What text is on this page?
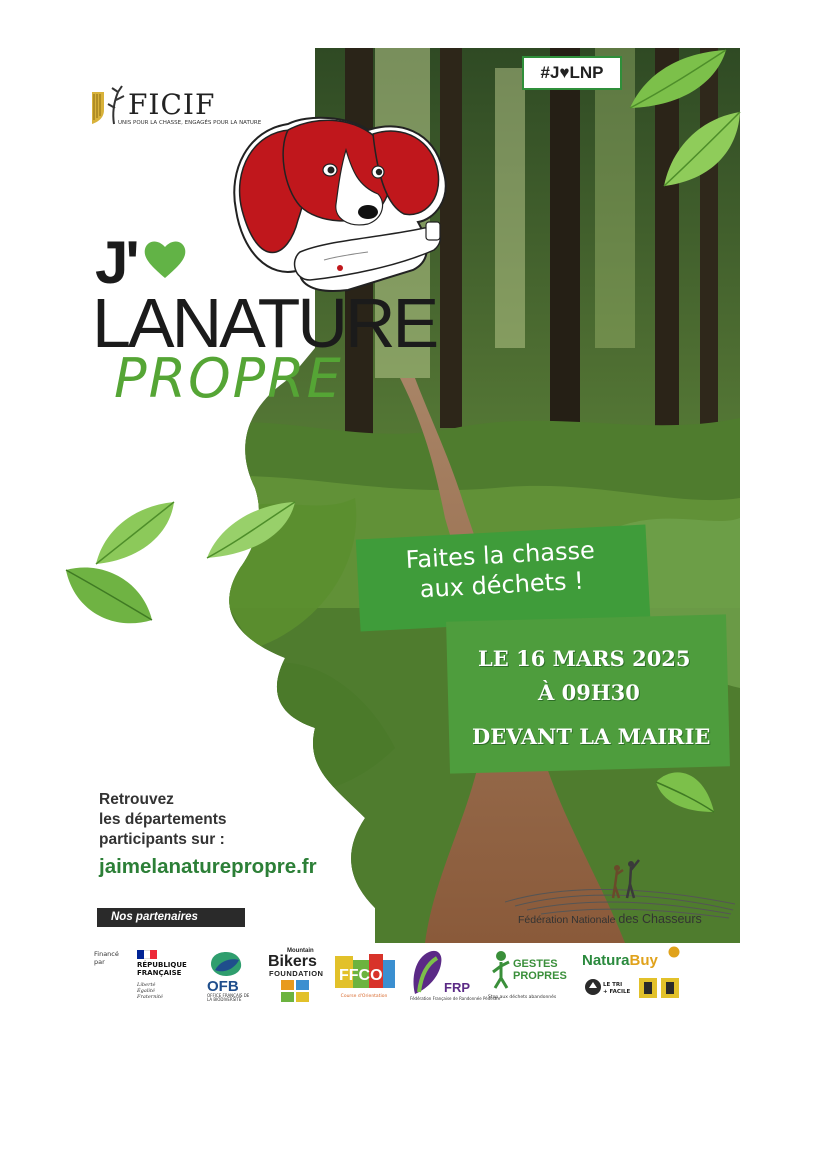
FICIF
UNIS POUR LA CHASSE, ENGAGÉS POUR LA NATURE
#J♥LNP
J'
LANATURE
PROPRE
Faites la chasse
aux déchets !
LE 16 MARS 2025
À 09H30
DEVANT LA MAIRIE
Retrouvez
les départements
participants sur :
jaimelanaturepropre.fr
Fédération Nationale des Chasseurs
Nos partenaires
Financé
par	RÉPUBLIQUE
FRANÇAISE
Liberté
Égalité
Fraternité
OFB
OFFICE FRANÇAIS DE LA BIODIVERSITÉ
Mountain
Bikers
FOUNDATION FFCO
Course d'Orientation
FRP
Fédération Française de Randonnée Pédestre
GESTES
PROPRES
Stop aux déchets abandonnés
NaturaBuy
LE TRI
+ FACILE
